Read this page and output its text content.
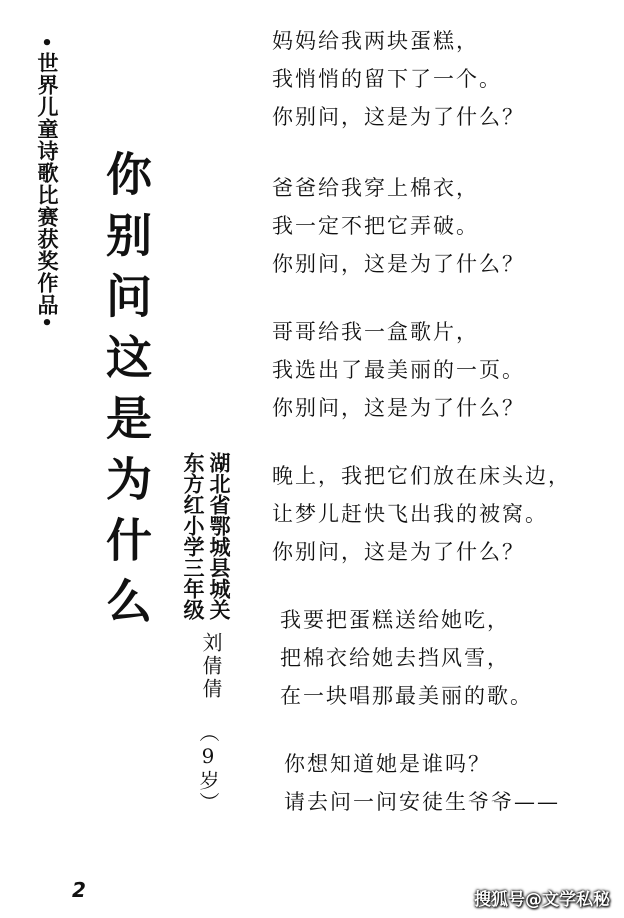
•
世界儿童诗歌比赛获奖作品
• 你别问这是为什么	湖北省鄂城县城关东方红小学三年级
刘倩倩
（9岁）
妈妈给我两块蛋糕，
我悄悄的留下了一个。
你别问，这是为了什么？
爸爸给我穿上棉衣，
我一定不把它弄破。
你别问，这是为了什么？
哥哥给我一盒歌片，
我选出了最美丽的一页。
你别问，这是为了什么？
晚上，我把它们放在床头边，
让梦儿赶快飞出我的被窝。
你别问，这是为了什么？
我要把蛋糕送给她吃，
把棉衣给她去挡风雪，
在一块唱那最美丽的歌。
你想知道她是谁吗？
请去问一问安徒生爷爷——
2	搜狐号@文学私秘
